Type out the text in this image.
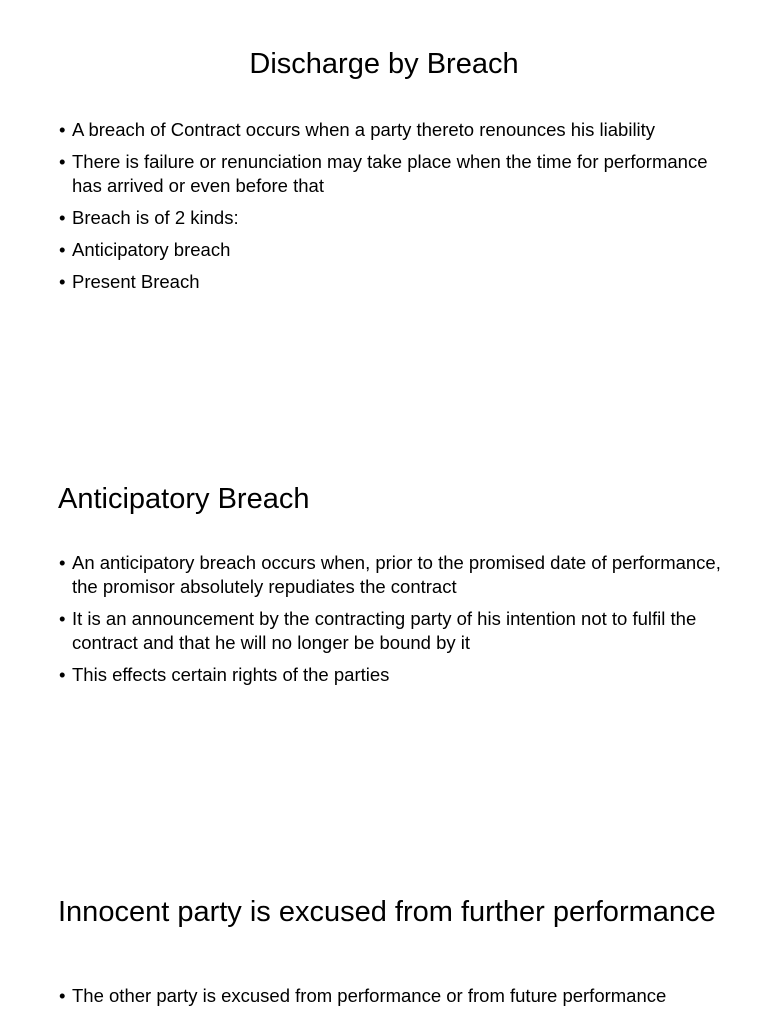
Discharge by Breach
• A breach of Contract occurs when a party thereto renounces his liability
• There is failure or renunciation may take place when the time for performance has arrived or even before that
• Breach is of 2 kinds:
• Anticipatory breach
• Present Breach
Anticipatory Breach
• An anticipatory breach occurs when, prior to the promised date of performance, the promisor absolutely repudiates the contract
• It is an announcement by the contracting party of his intention not to fulfil the contract and that he will no longer be bound by it
• This effects certain rights of the parties
Innocent party is excused from further performance
• The other party is excused from performance or from future performance
